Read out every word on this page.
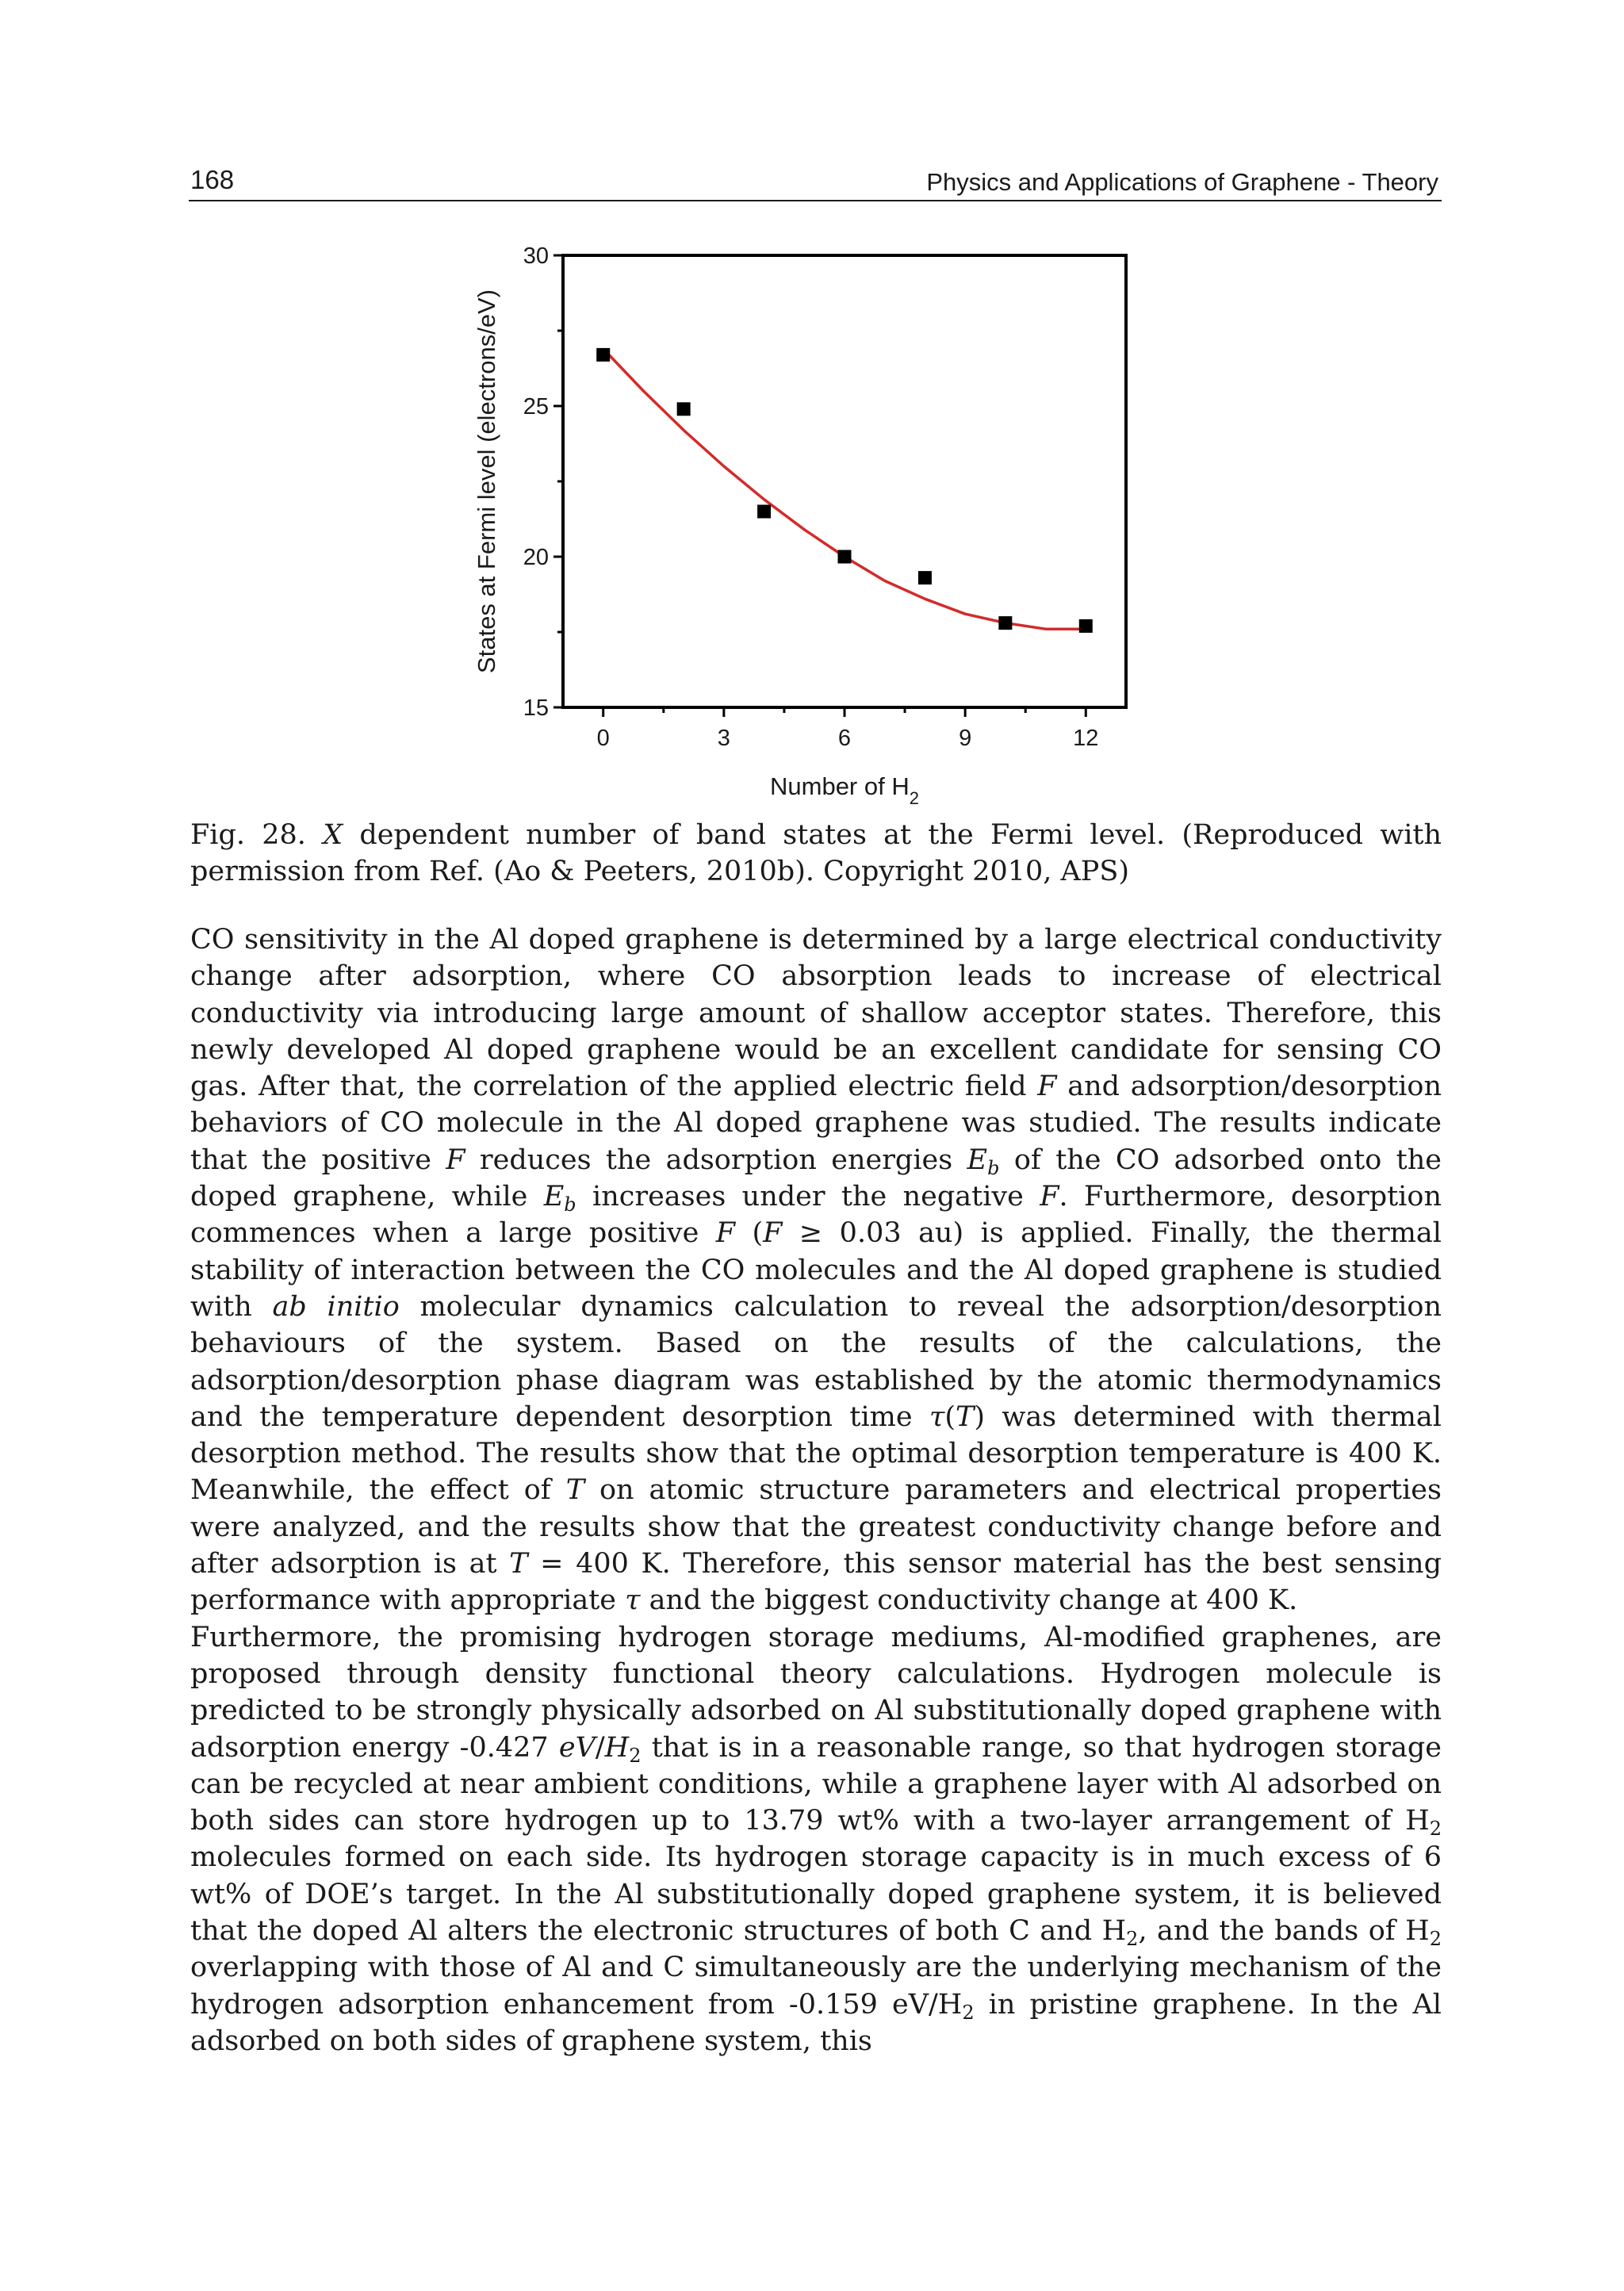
168	Physics and Applications of Graphene - Theory
0	3	6	9	12
15
20
25
30
Number of $H_2$
States at Fermi level (electrons/eV)
Fig. 28. X dependent number of band states at the Fermi level. (Reproduced with permission from Ref. (Ao & Peeters, 2010b). Copyright 2010, APS)

CO sensitivity in the Al doped graphene is determined by a large electrical conductivity change after adsorption, where CO absorption leads to increase of electrical conductivity via introducing large amount of shallow acceptor states. Therefore, this newly developed Al doped graphene would be an excellent candidate for sensing CO gas. After that, the correlation of the applied electric field F and adsorption/desorption behaviors of CO molecule in the Al doped graphene was studied. The results indicate that the positive F reduces the adsorption energies $E_b$ of the CO adsorbed onto the doped graphene, while $E_b$ increases under the negative F. Furthermore, desorption commences when a large positive F (F ≥ 0.03 au) is applied. Finally, the thermal stability of interaction between the CO molecules and the Al doped graphene is studied with ab initio molecular dynamics calculation to reveal the adsorption/desorption behaviours of the system. Based on the results of the calculations, the adsorption/desorption phase diagram was established by the atomic thermodynamics and the temperature dependent desorption time τ(T) was determined with thermal desorption method. The results show that the optimal desorption temperature is 400 K. Meanwhile, the effect of T on atomic structure parameters and electrical properties were analyzed, and the results show that the greatest conductivity change before and after adsorption is at T = 400 K. Therefore, this sensor material has the best sensing performance with appropriate τ and the biggest conductivity change at 400 K.

Furthermore, the promising hydrogen storage mediums, Al-modified graphenes, are proposed through density functional theory calculations. Hydrogen molecule is predicted to be strongly physically adsorbed on Al substitutionally doped graphene with adsorption energy -0.427 $eV/H_2$ that is in a reasonable range, so that hydrogen storage can be recycled at near ambient conditions, while a graphene layer with Al adsorbed on both sides can store hydrogen up to 13.79 wt% with a two-layer arrangement of $H_2$ molecules formed on each side. Its hydrogen storage capacity is in much excess of 6 wt% of DOE’s target. In the Al substitutionally doped graphene system, it is believed that the doped Al alters the electronic structures of both C and $H_2$, and the bands of $H_2$ overlapping with those of Al and C simultaneously are the underlying mechanism of the hydrogen adsorption enhancement from -0.159 $eV/H_2$ in pristine graphene. In the Al adsorbed on both sides of graphene system, this
